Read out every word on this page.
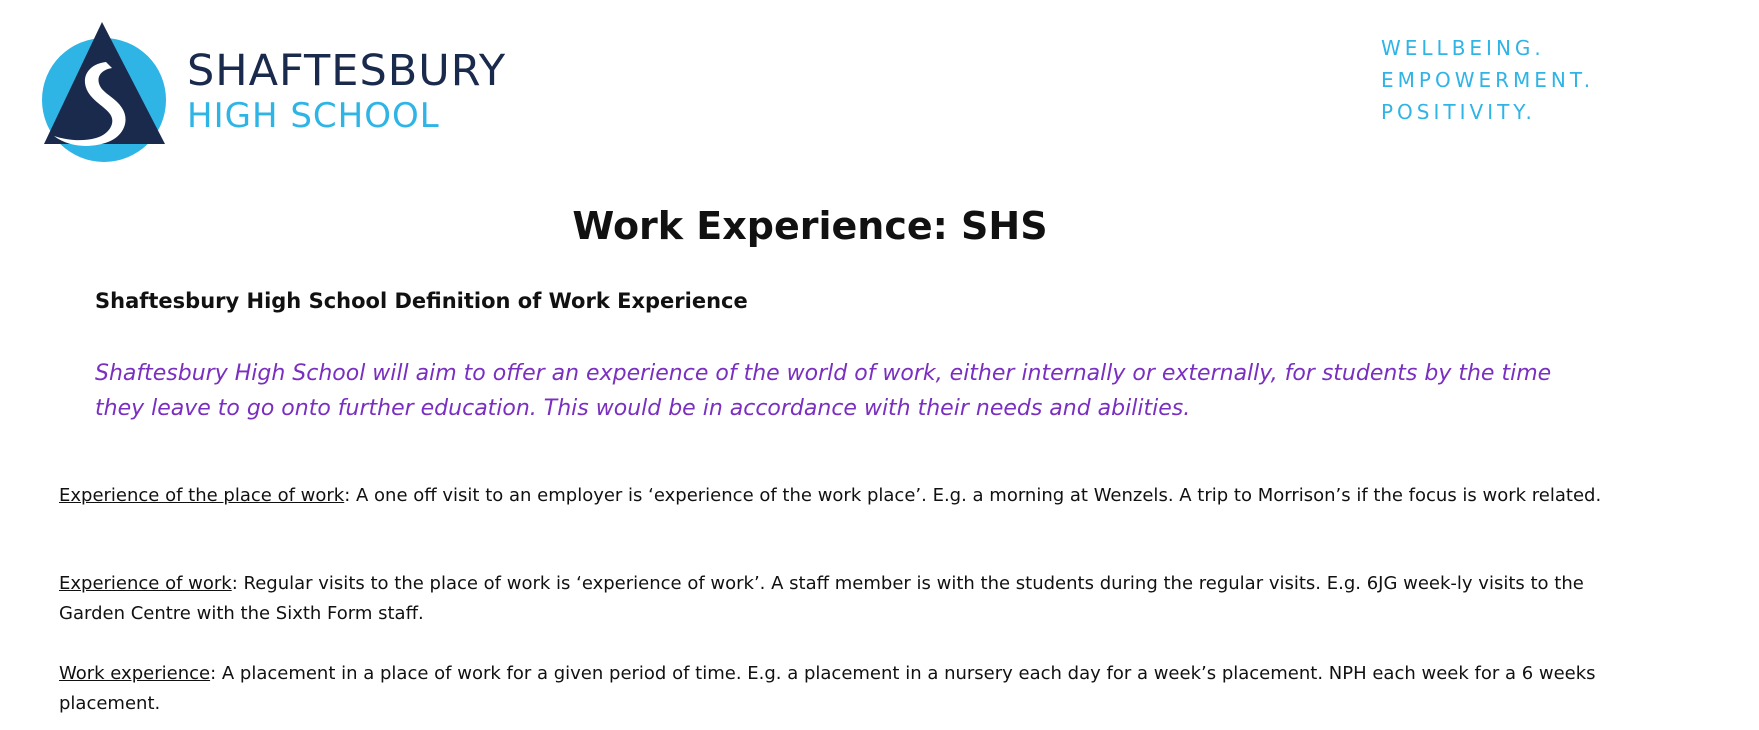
SHAFTESBURY
HIGH SCHOOL
WELLBEING.
EMPOWERMENT.
POSITIVITY.
Work Experience: SHS
Shaftesbury High School Definition of Work Experience

Shaftesbury High School will aim to offer an experience of the world of work, either internally or externally, for students by the time they leave to go onto further education. This would be in accordance with their needs and abilities.

Experience of the place of work: A one off visit to an employer is ‘experience of the work place’. E.g. a morning at Wenzels. A trip to Morrison’s if the focus is work related.

Experience of work: Regular visits to the place of work is ‘experience of work’. A staff member is with the students during the regular visits. E.g. 6JG week-ly visits to the Garden Centre with the Sixth Form staff.

Work experience: A placement in a place of work for a given period of time. E.g. a placement in a nursery each day for a week’s placement. NPH each week for a 6 weeks placement.
